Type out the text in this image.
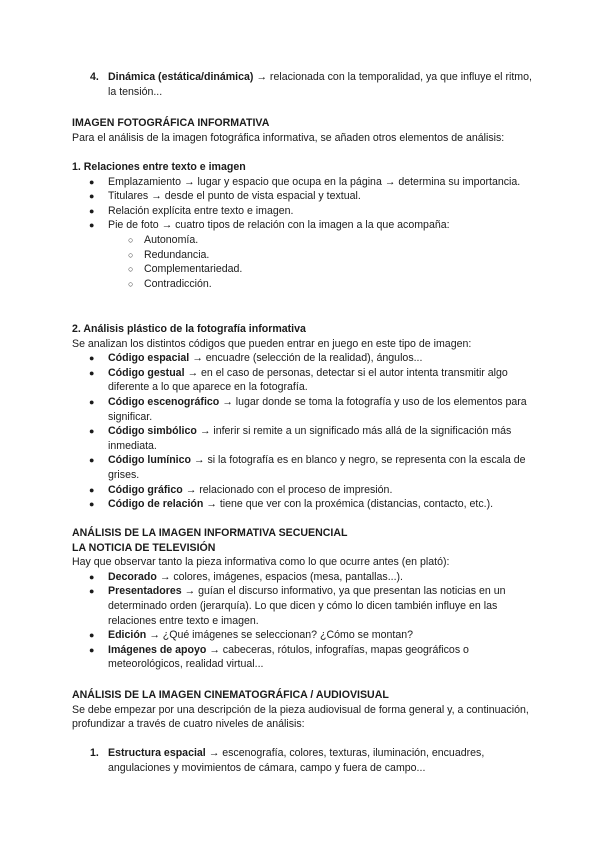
4. Dinámica (estática/dinámica) → relacionada con la temporalidad, ya que influye el ritmo, la tensión...
IMAGEN FOTOGRÁFICA INFORMATIVA
Para el análisis de la imagen fotográfica informativa, se añaden otros elementos de análisis:
1. Relaciones entre texto e imagen
● Emplazamiento → lugar y espacio que ocupa en la página → determina su importancia.
● Titulares → desde el punto de vista espacial y textual.
● Relación explícita entre texto e imagen.
● Pie de foto → cuatro tipos de relación con la imagen a la que acompaña:
○ Autonomía.
○ Redundancia.
○ Complementariedad.
○ Contradicción.
2. Análisis plástico de la fotografía informativa
Se analizan los distintos códigos que pueden entrar en juego en este tipo de imagen:
● Código espacial → encuadre (selección de la realidad), ángulos...
● Código gestual → en el caso de personas, detectar si el autor intenta transmitir algo diferente a lo que aparece en la fotografía.
● Código escenográfico → lugar donde se toma la fotografía y uso de los elementos para significar.
● Código simbólico → inferir si remite a un significado más allá de la significación más inmediata.
● Código lumínico → si la fotografía es en blanco y negro, se representa con la escala de grises.
● Código gráfico → relacionado con el proceso de impresión.
● Código de relación → tiene que ver con la proxémica (distancias, contacto, etc.).
ANÁLISIS DE LA IMAGEN INFORMATIVA SECUENCIAL
LA NOTICIA DE TELEVISIÓN
Hay que observar tanto la pieza informativa como lo que ocurre antes (en plató):
● Decorado → colores, imágenes, espacios (mesa, pantallas...).
● Presentadores → guían el discurso informativo, ya que presentan las noticias en un determinado orden (jerarquía). Lo que dicen y cómo lo dicen también influye en las relaciones entre texto e imagen.
● Edición → ¿Qué imágenes se seleccionan? ¿Cómo se montan?
● Imágenes de apoyo → cabeceras, rótulos, infografías, mapas geográficos o meteorológicos, realidad virtual...
ANÁLISIS DE LA IMAGEN CINEMATOGRÁFICA / AUDIOVISUAL
Se debe empezar por una descripción de la pieza audiovisual de forma general y, a continuación, profundizar a través de cuatro niveles de análisis:
1. Estructura espacial → escenografía, colores, texturas, iluminación, encuadres, angulaciones y movimientos de cámara, campo y fuera de campo...
